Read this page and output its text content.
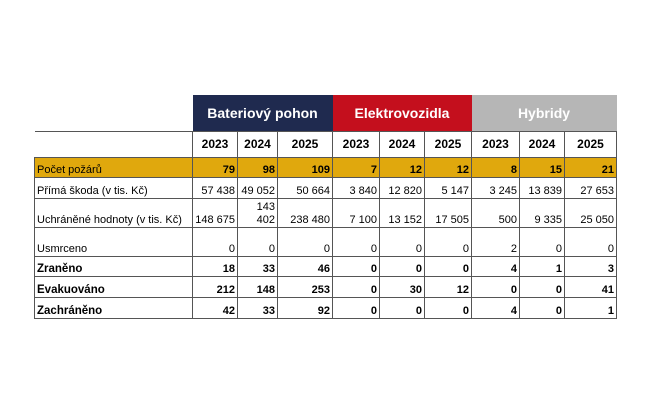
	Bateriový pohon			Elektrovozidla			Hybridy		
	2023	2024	2025	2023	2024	2025	2023	2024	2025
Počet požárů	79	98	109	7	12	12	8	15	21
Přímá škoda (v tis. Kč)	57 438	49 052	50 664	3 840	12 820	5 147	3 245	13 839	27 653
Uchráněné hodnoty (v tis. Kč)	148 675	143 402	238 480	7 100	13 152	17 505	500	9 335	25 050
Usmrceno	0	0	0	0	0	0	2	0	0
Zraněno	18	33	46	0	0	0	4	1	3
Evakuováno	212	148	253	0	30	12	0	0	41
Zachráněno	42	33	92	0	0	0	4	0	1
